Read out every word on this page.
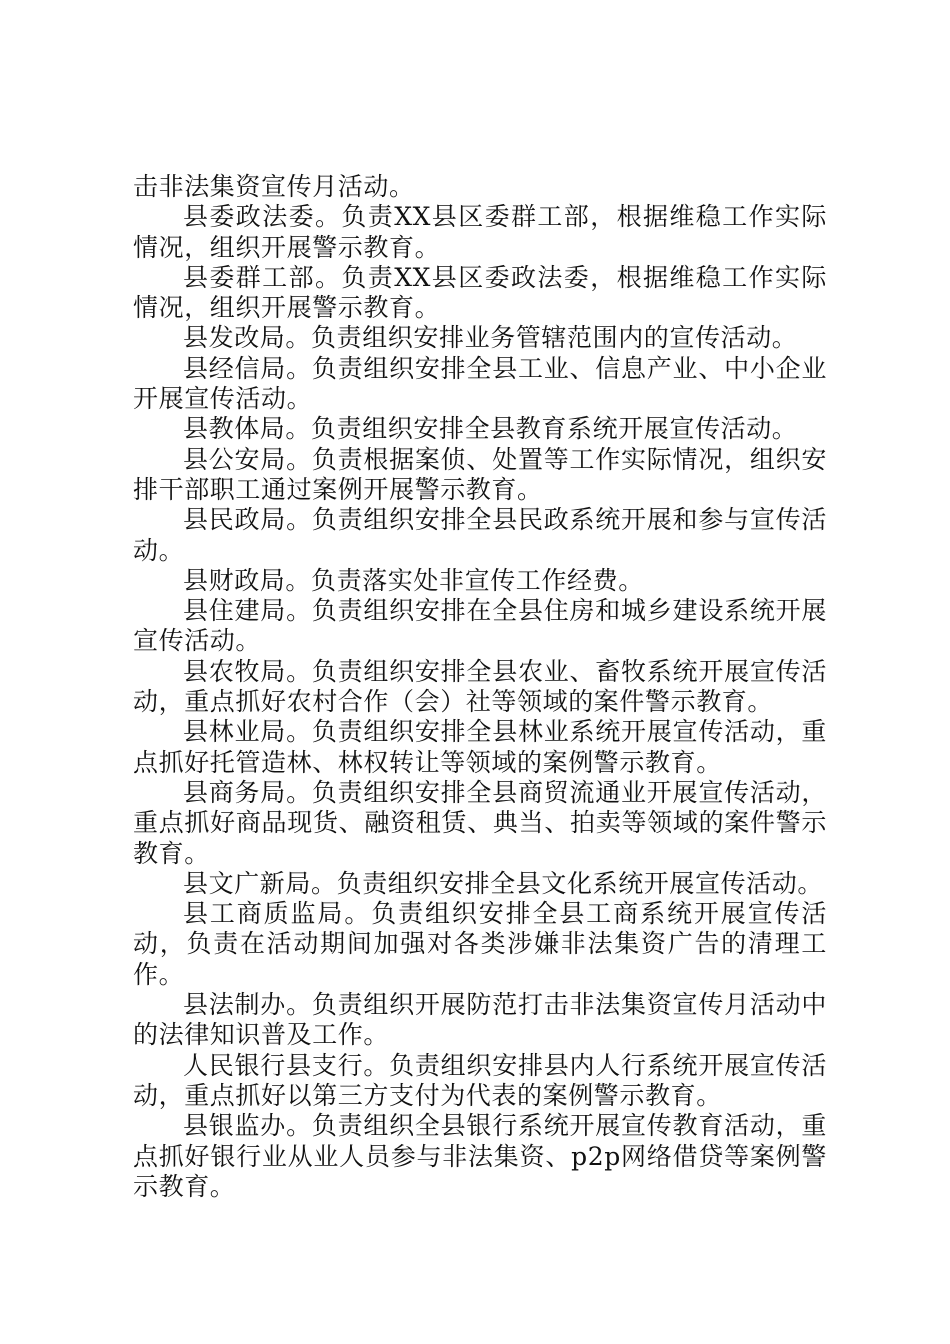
击非法集资宣传月活动。

县委政法委。负责XX县区委群工部，根据维稳工作实际情况，组织开展警示教育。

县委群工部。负责XX县区委政法委，根据维稳工作实际情况，组织开展警示教育。

县发改局。负责组织安排业务管辖范围内的宣传活动。

县经信局。负责组织安排全县工业、信息产业、中小企业开展宣传活动。

县教体局。负责组织安排全县教育系统开展宣传活动。

县公安局。负责根据案侦、处置等工作实际情况，组织安排干部职工通过案例开展警示教育。

县民政局。负责组织安排全县民政系统开展和参与宣传活动。

县财政局。负责落实处非宣传工作经费。

县住建局。负责组织安排在全县住房和城乡建设系统开展宣传活动。

县农牧局。负责组织安排全县农业、畜牧系统开展宣传活动，重点抓好农村合作（会）社等领域的案件警示教育。

县林业局。负责组织安排全县林业系统开展宣传活动，重点抓好托管造林、林权转让等领域的案例警示教育。

县商务局。负责组织安排全县商贸流通业开展宣传活动，重点抓好商品现货、融资租赁、典当、拍卖等领域的案件警示教育。

县文广新局。负责组织安排全县文化系统开展宣传活动。

县工商质监局。负责组织安排全县工商系统开展宣传活动，负责在活动期间加强对各类涉嫌非法集资广告的清理工作。

县法制办。负责组织开展防范打击非法集资宣传月活动中的法律知识普及工作。

人民银行县支行。负责组织安排县内人行系统开展宣传活动，重点抓好以第三方支付为代表的案例警示教育。

县银监办。负责组织全县银行系统开展宣传教育活动，重点抓好银行业从业人员参与非法集资、p2p网络借贷等案例警示教育。
